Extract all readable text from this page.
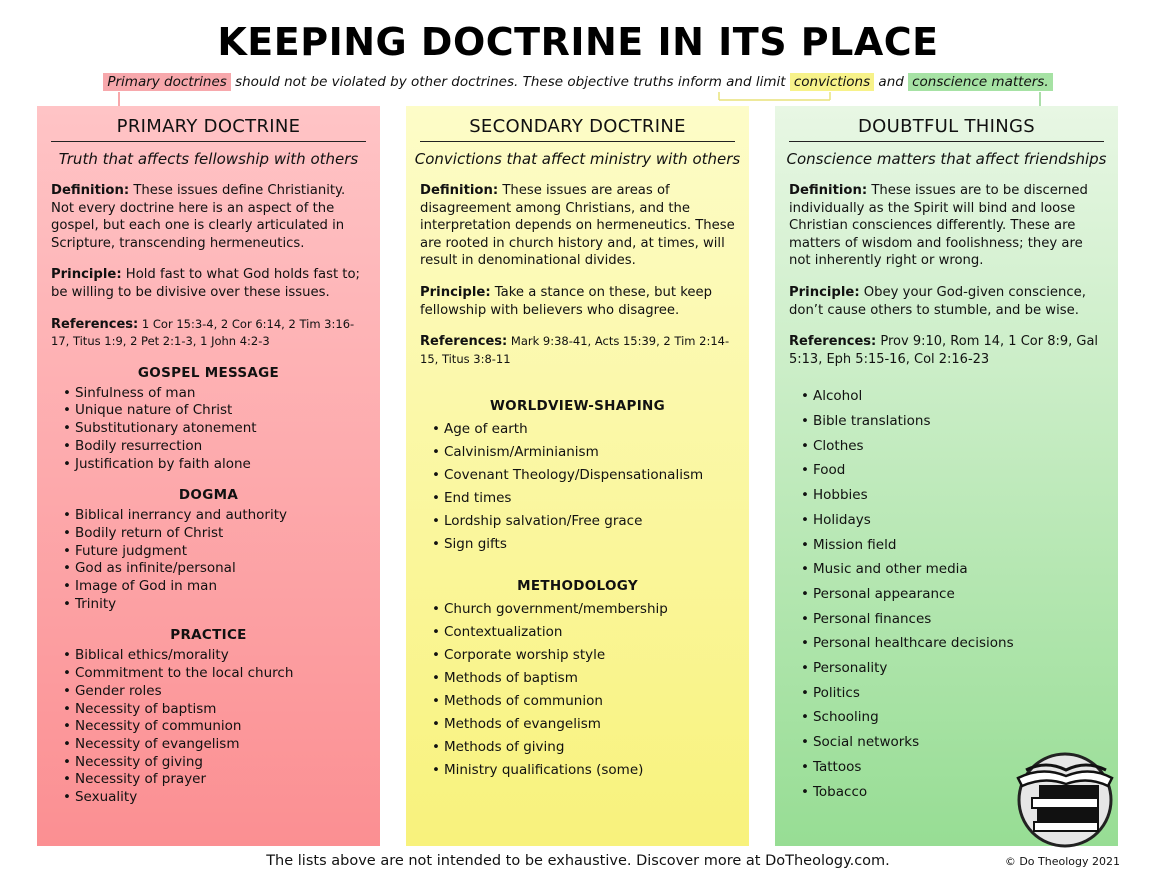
KEEPING DOCTRINE IN ITS PLACE
Primary doctrines should not be violated by other doctrines. These objective truths inform and limit convictions and conscience matters.
PRIMARY DOCTRINE
Truth that affects fellowship with others
Definition: These issues define Christianity. Not every doctrine here is an aspect of the gospel, but each one is clearly articulated in Scripture, transcending hermeneutics.
Principle: Hold fast to what God holds fast to; be willing to be divisive over these issues.
References: 1 Cor 15:3-4, 2 Cor 6:14, 2 Tim 3:16-17, Titus 1:9, 2 Pet 2:1-3, 1 John 4:2-3
GOSPEL MESSAGE
• Sinfulness of man
• Unique nature of Christ
• Substitutionary atonement
• Bodily resurrection
• Justification by faith alone
DOGMA
• Biblical inerrancy and authority
• Bodily return of Christ
• Future judgment
• God as infinite/personal
• Image of God in man
• Trinity
PRACTICE
• Biblical ethics/morality
• Commitment to the local church
• Gender roles
• Necessity of baptism
• Necessity of communion
• Necessity of evangelism
• Necessity of giving
• Necessity of prayer
• Sexuality
SECONDARY DOCTRINE
Convictions that affect ministry with others
Definition: These issues are areas of disagreement among Christians, and the interpretation depends on hermeneutics. These are rooted in church history and, at times, will result in denominational divides.
Principle: Take a stance on these, but keep fellowship with believers who disagree.
References: Mark 9:38-41, Acts 15:39, 2 Tim 2:14-15, Titus 3:8-11
WORLDVIEW-SHAPING
• Age of earth
• Calvinism/Arminianism
• Covenant Theology/Dispensationalism
• End times
• Lordship salvation/Free grace
• Sign gifts
METHODOLOGY
• Church government/membership
• Contextualization
• Corporate worship style
• Methods of baptism
• Methods of communion
• Methods of evangelism
• Methods of giving
• Ministry qualifications (some)
DOUBTFUL THINGS
Conscience matters that affect friendships
Definition: These issues are to be discerned individually as the Spirit will bind and loose Christian consciences differently. These are matters of wisdom and foolishness; they are not inherently right or wrong.
Principle: Obey your God-given conscience, don’t cause others to stumble, and be wise.
References: Prov 9:10, Rom 14, 1 Cor 8:9, Gal 5:13, Eph 5:15-16, Col 2:16-23
• Alcohol
• Bible translations
• Clothes
• Food
• Hobbies
• Holidays
• Mission field
• Music and other media
• Personal appearance
• Personal finances
• Personal healthcare decisions
• Personality
• Politics
• Schooling
• Social networks
• Tattoos
• Tobacco
The lists above are not intended to be exhaustive. Discover more at DoTheology.com.	© Do Theology 2021
